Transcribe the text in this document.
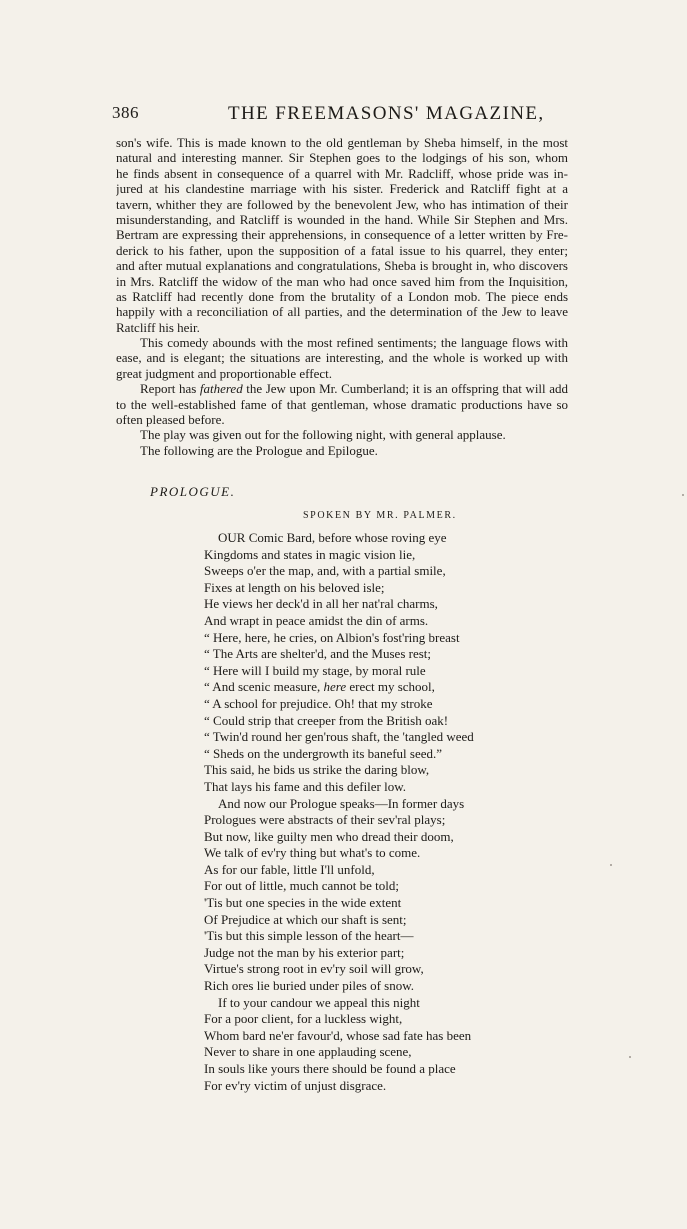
386	THE FREEMASONS' MAGAZINE,
son's wife. This is made known to the old gentleman by Sheba himself, in the most
natural and interesting manner. Sir Stephen goes to the lodgings of his son, whom
he finds absent in consequence of a quarrel with Mr. Radcliff, whose pride was in-
jured at his clandestine marriage with his sister. Frederick and Ratcliff fight at a
tavern, whither they are followed by the benevolent Jew, who has intimation of their
misunderstanding, and Ratcliff is wounded in the hand. While Sir Stephen and Mrs.
Bertram are expressing their apprehensions, in consequence of a letter written by Fre-
derick to his father, upon the supposition of a fatal issue to his quarrel, they enter;
and after mutual explanations and congratulations, Sheba is brought in, who discovers
in Mrs. Ratcliff the widow of the man who had once saved him from the Inquisition,
as Ratcliff had recently done from the brutality of a London mob. The piece ends
happily with a reconciliation of all parties, and the determination of the Jew to leave
Ratcliff his heir.
This comedy abounds with the most refined sentiments; the language flows with
ease, and is elegant; the situations are interesting, and the whole is worked up with
great judgment and proportionable effect.
Report has fathered the Jew upon Mr. Cumberland; it is an offspring that will add
to the well-established fame of that gentleman, whose dramatic productions have so
often pleased before.
The play was given out for the following night, with general applause.
The following are the Prologue and Epilogue.
PROLOGUE.
SPOKEN BY MR. PALMER.
OUR Comic Bard, before whose roving eye
Kingdoms and states in magic vision lie,
Sweeps o'er the map, and, with a partial smile,
Fixes at length on his beloved isle;
He views her deck'd in all her nat'ral charms,
And wrapt in peace amidst the din of arms.
“ Here, here, he cries, on Albion's fost'ring breast
“ The Arts are shelter'd, and the Muses rest;
“ Here will I build my stage, by moral rule
“ And scenic measure, here erect my school,
“ A school for prejudice. Oh! that my stroke
“ Could strip that creeper from the British oak!
“ Twin'd round her gen'rous shaft, the 'tangled weed
“ Sheds on the undergrowth its baneful seed.”
This said, he bids us strike the daring blow,
That lays his fame and this defiler low.
And now our Prologue speaks—In former days
Prologues were abstracts of their sev'ral plays;
But now, like guilty men who dread their doom,
We talk of ev'ry thing but what's to come.
As for our fable, little I'll unfold,
For out of little, much cannot be told;
'Tis but one species in the wide extent
Of Prejudice at which our shaft is sent;
'Tis but this simple lesson of the heart—
Judge not the man by his exterior part;
Virtue's strong root in ev'ry soil will grow,
Rich ores lie buried under piles of snow.
If to your candour we appeal this night
For a poor client, for a luckless wight,
Whom bard ne'er favour'd, whose sad fate has been
Never to share in one applauding scene,
In souls like yours there should be found a place
For ev'ry victim of unjust disgrace.
